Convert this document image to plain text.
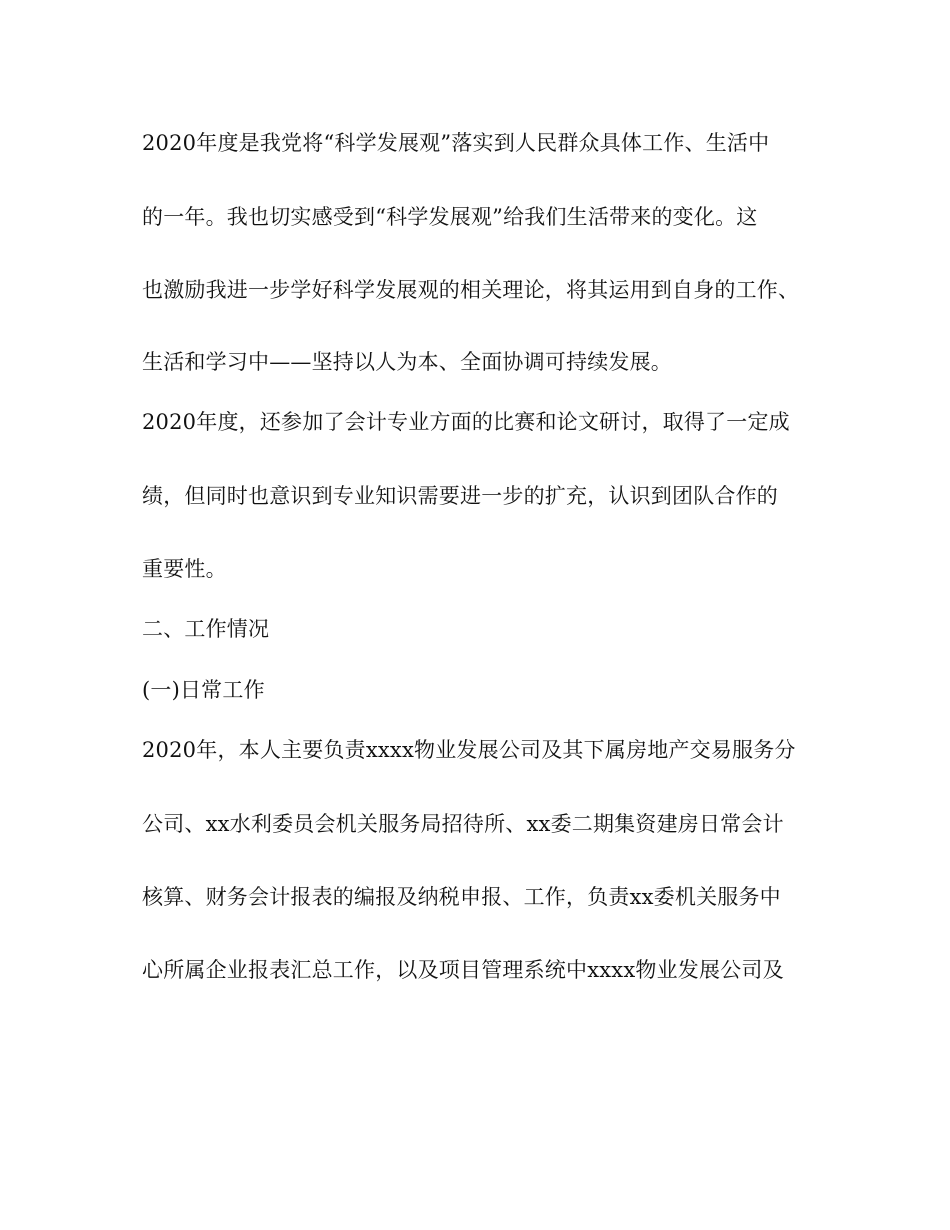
2020年度是我党将“科学发展观”落实到人民群众具体工作、生活中
的一年。我也切实感受到“科学发展观”给我们生活带来的变化。这
也激励我进一步学好科学发展观的相关理论，将其运用到自身的工作、
生活和学习中——坚持以人为本、全面协调可持续发展。
2020年度，还参加了会计专业方面的比赛和论文研讨，取得了一定成
绩，但同时也意识到专业知识需要进一步的扩充，认识到团队合作的
重要性。
二、工作情况
(一)日常工作
2020年，本人主要负责xxxx物业发展公司及其下属房地产交易服务分
公司、xx水利委员会机关服务局招待所、xx委二期集资建房日常会计
核算、财务会计报表的编报及纳税申报、工作，负责xx委机关服务中
心所属企业报表汇总工作，以及项目管理系统中xxxx物业发展公司及
